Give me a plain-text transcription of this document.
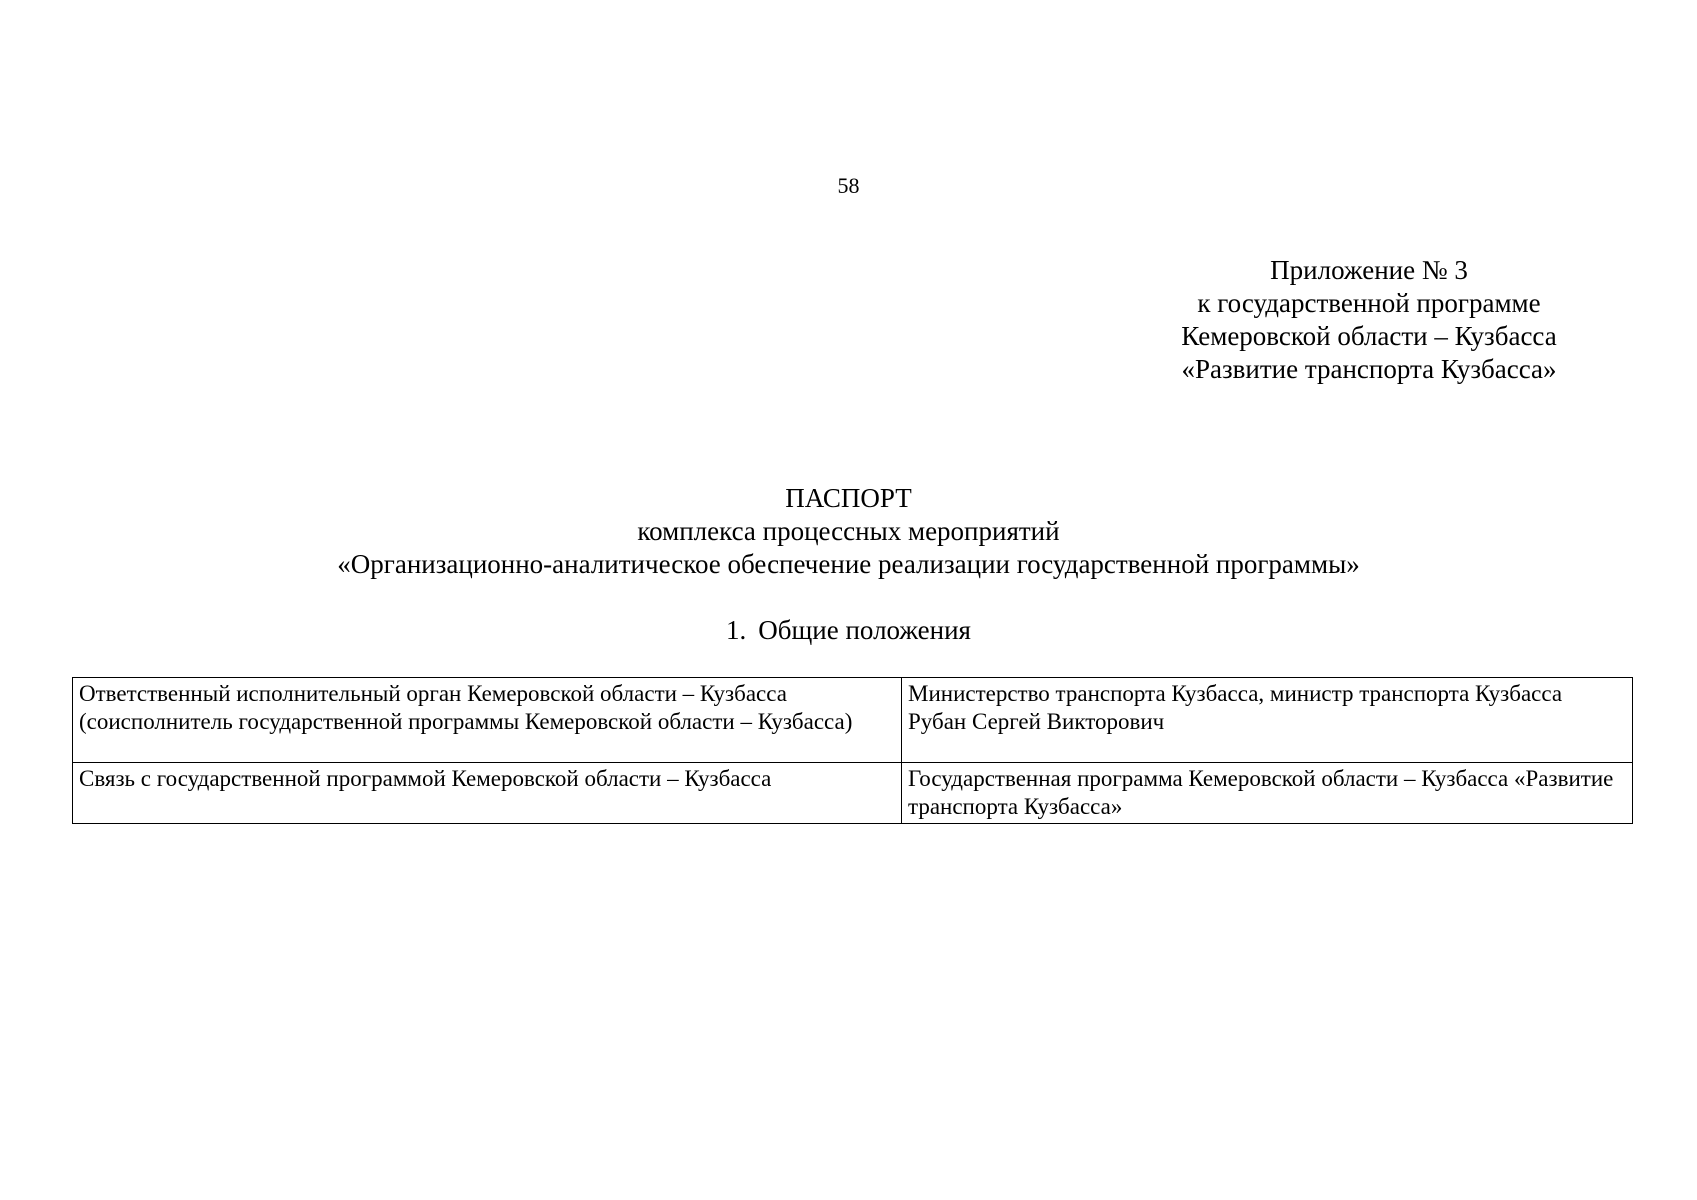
58
Приложение № 3
к государственной программе
Кемеровской области – Кузбасса
«Развитие транспорта Кузбасса»
ПАСПОРТ
комплекса процессных мероприятий
«Организационно-аналитическое обеспечение реализации государственной программы»
1. Общие положения
Ответственный исполнительный орган Кемеровской области – Кузбасса (соисполнитель государственной программы Кемеровской области – Кузбасса)	Министерство транспорта Кузбасса, министр транспорта Кузбасса Рубан Сергей Викторович
Связь с государственной программой Кемеровской области – Кузбасса	Государственная программа Кемеровской области – Кузбасса «Развитие транспорта Кузбасса»
